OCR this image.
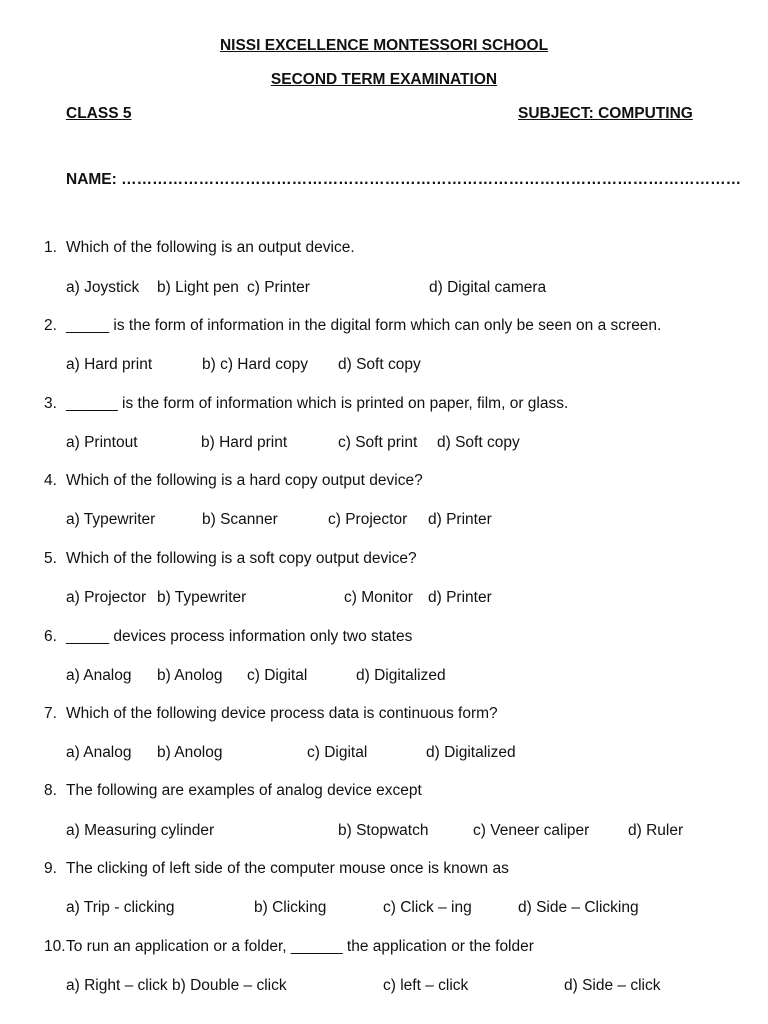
NISSI EXCELLENCE MONTESSORI SCHOOL
SECOND TERM EXAMINATION
CLASS 5	SUBJECT: COMPUTING
NAME: …………………………………………………………………………………………………………
1. Which of the following is an output device.
a) Joystick b) Light pen c) Printer	d) Digital camera
2. _____ is the form of information in the digital form which can only be seen on a screen.
a) Hard print	b) c) Hard copy d) Soft copy
3. ______ is the form of information which is printed on paper, film, or glass.
a) Printout	b) Hard print	c) Soft print d) Soft copy
4. Which of the following is a hard copy output device?
a) Typewriter	b) Scanner	c) Projector d) Printer
5. Which of the following is a soft copy output device?
a) Projector b) Typewriter	c) Monitor d) Printer
6. _____ devices process information only two states
a) Analog b) Anolog c) Digital	d) Digitalized
7. Which of the following device process data is continuous form?
a) Analog b) Anolog	c) Digital	d) Digitalized
8. The following are examples of analog device except
a) Measuring cylinder	b) Stopwatch	c) Veneer caliper d) Ruler
9. The clicking of left side of the computer mouse once is known as
a) Trip - clicking	b) Clicking	c) Click – ing	d) Side – Clicking
10. To run an application or a folder, ______ the application or the folder
a) Right – click b) Double – click	c) left – click	d) Side – click
